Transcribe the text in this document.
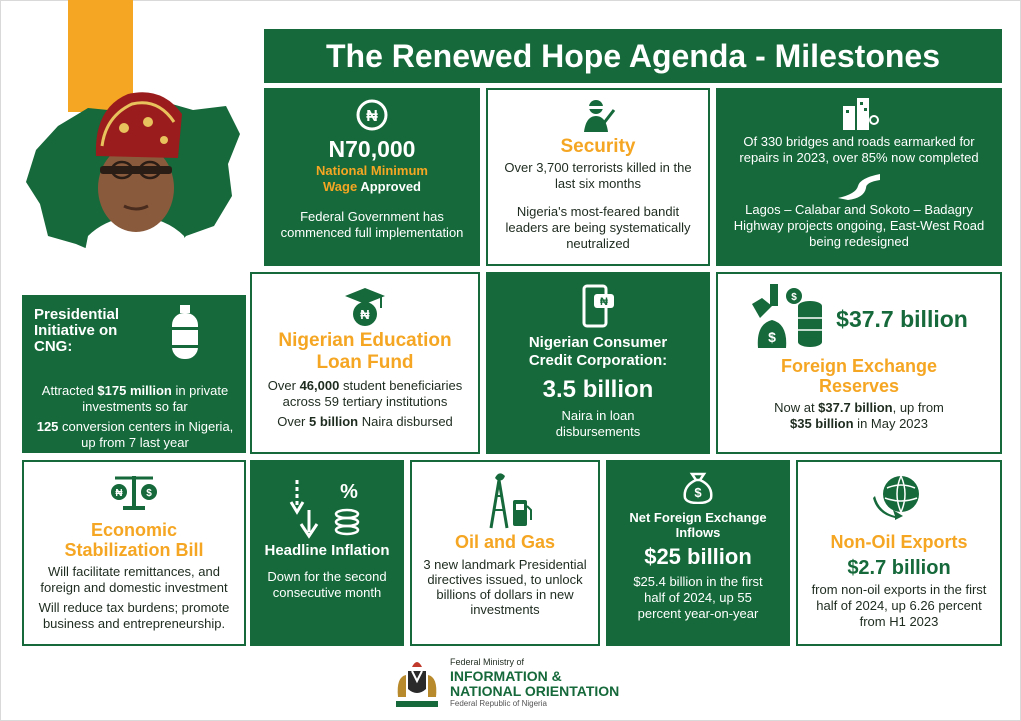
The Renewed Hope Agenda - Milestones
₦
N70,000
National Minimum Wage Approved
Federal Government has commenced full implementation
Security
Over 3,700 terrorists killed in the last six months
Nigeria's most-feared bandit leaders are being systematically neutralized
Of 330 bridges and roads earmarked for repairs in 2023, over 85% now completed
Lagos – Calabar and Sokoto – Badagry Highway projects ongoing, East-West Road being redesigned
Presidential Initiative on CNG:
Attracted $175 million in private investments so far
125 conversion centers in Nigeria, up from 7 last year
₦
Nigerian Education Loan Fund
Over 46,000 student beneficiaries across 59 tertiary institutions
Over 5 billion Naira disbursed
₦
Nigerian Consumer Credit Corporation:
3.5 billion
Naira in loan disbursements
$
$
$37.7 billion
Foreign Exchange Reserves
Now at $37.7 billion, up from
$35 billion in May 2023
₦ $
Economic Stabilization Bill
Will facilitate remittances, and foreign and domestic investment
Will reduce tax burdens; promote business and entrepreneurship.
%
Headline Inflation
Down for the second consecutive month
Oil and Gas
3 new landmark Presidential directives issued, to unlock billions of dollars in new investments
$
Net Foreign Exchange Inflows
$25 billion
$25.4 billion in the first half of 2024, up 55 percent year-on-year
Non-Oil Exports
$2.7 billion
from non-oil exports in the first half of 2024, up 6.26 percent from H1 2023
Federal Ministry of
INFORMATION &
NATIONAL ORIENTATION
Federal Republic of Nigeria
